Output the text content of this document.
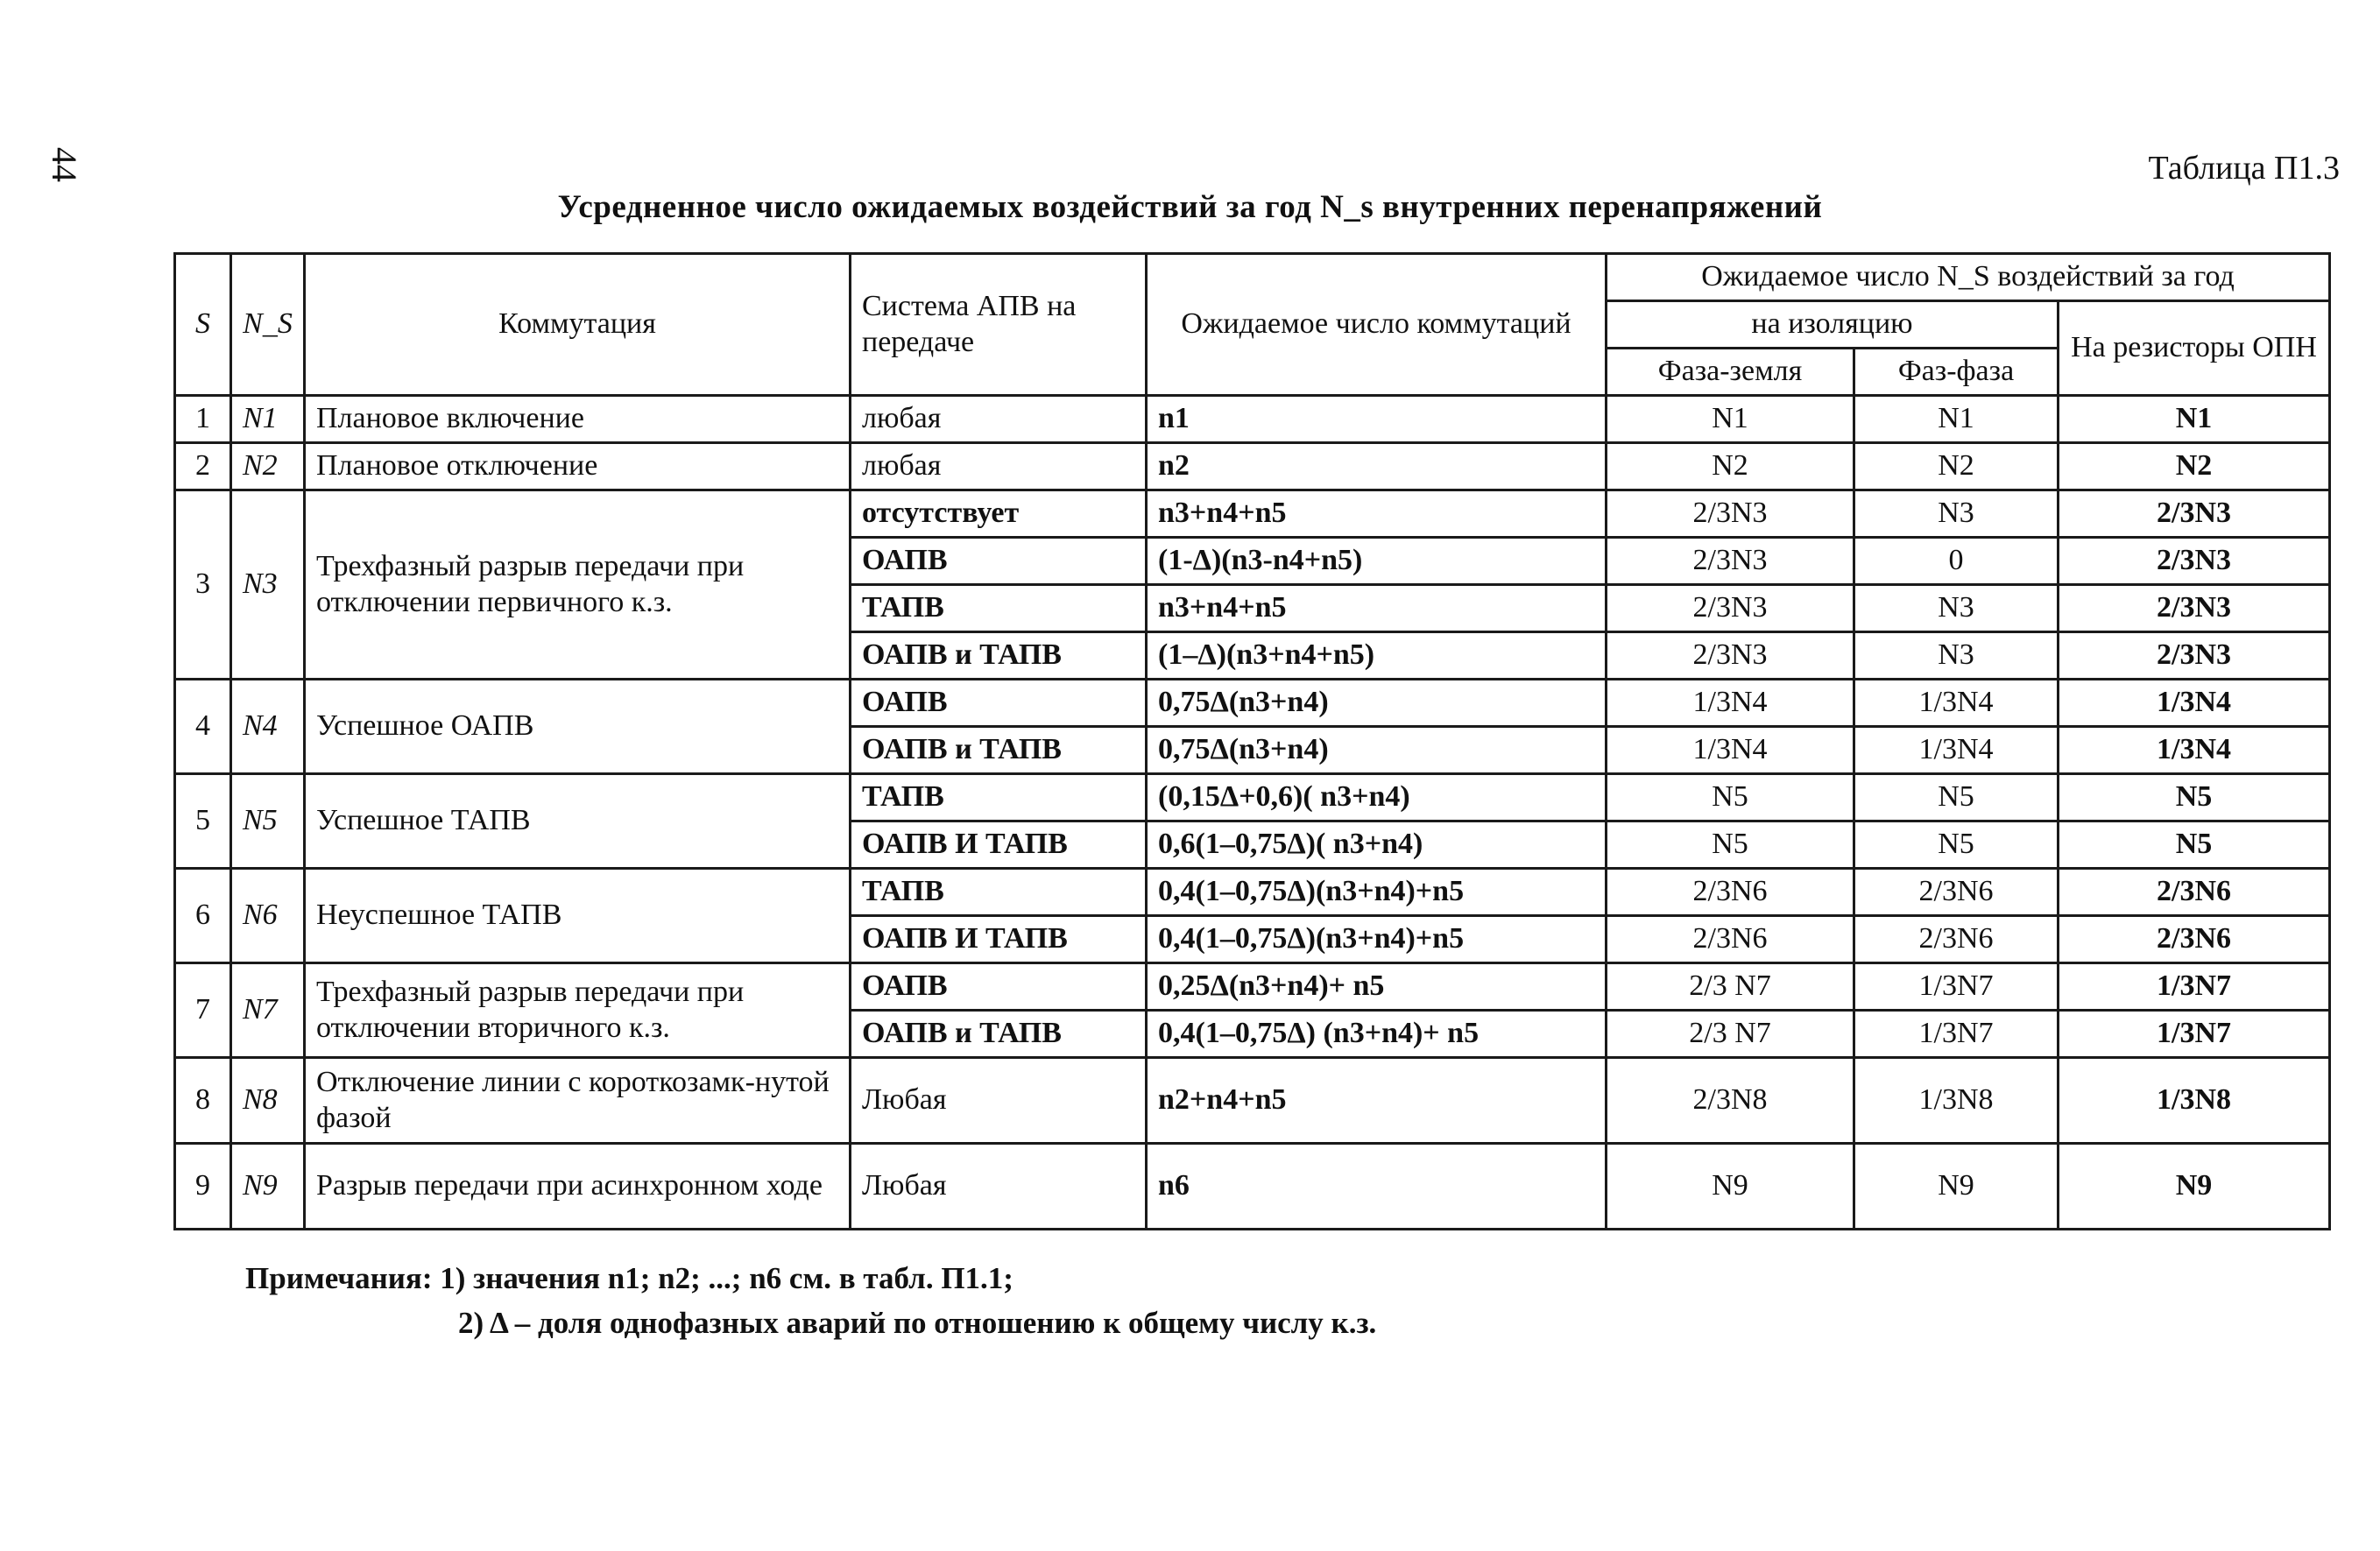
44	Таблица П1.3
Усредненное число ожидаемых воздействий за год N_s внутренних перенапряжений
S	N_S	Коммутация	Система АПВ на передаче	Ожидаемое число коммутаций	Ожидаемое число N_S воздействий за год		
					на изоляцию		На резисторы ОПН
					Фаза-земля	Фаз-фаза	
1	N1	Плановое включение	любая	n1	N1	N1	N1
2	N2	Плановое отключение	любая	n2	N2	N2	N2
3	N3	Трехфазный разрыв передачи при отключении первичного к.з.	отсутствует	n3+n4+n5	2/3N3	N3	2/3N3
			ОАПВ	(1-Δ)(n3-n4+n5)	2/3N3	0	2/3N3
			ТАПВ	n3+n4+n5	2/3N3	N3	2/3N3
			ОАПВ и ТАПВ	(1–Δ)(n3+n4+n5)	2/3N3	N3	2/3N3
4	N4	Успешное ОАПВ	ОАПВ	0,75Δ(n3+n4)	1/3N4	1/3N4	1/3N4
			ОАПВ и ТАПВ	0,75Δ(n3+n4)	1/3N4	1/3N4	1/3N4
5	N5	Успешное ТАПВ	ТАПВ	(0,15Δ+0,6)( n3+n4)	N5	N5	N5
			ОАПВ И ТАПВ	0,6(1–0,75Δ)( n3+n4)	N5	N5	N5
6	N6	Неуспешное ТАПВ	ТАПВ	0,4(1–0,75Δ)(n3+n4)+n5	2/3N6	2/3N6	2/3N6
			ОАПВ И ТАПВ	0,4(1–0,75Δ)(n3+n4)+n5	2/3N6	2/3N6	2/3N6
7	N7	Трехфазный разрыв передачи при отключении вторичного к.з.	ОАПВ	0,25Δ(n3+n4)+ n5	2/3 N7	1/3N7	1/3N7
			ОАПВ и ТАПВ	0,4(1–0,75Δ) (n3+n4)+ n5	2/3 N7	1/3N7	1/3N7
8	N8	Отключение линии с короткозамк-нутой фазой	Любая	n2+n4+n5	2/3N8	1/3N8	1/3N8
9	N9	Разрыв передачи при асинхронном ходе	Любая	n6	N9	N9	N9
Примечания: 1) значения n1; n2; ...; n6 см. в табл. П1.1;
2) Δ – доля однофазных аварий по отношению к общему числу к.з.
